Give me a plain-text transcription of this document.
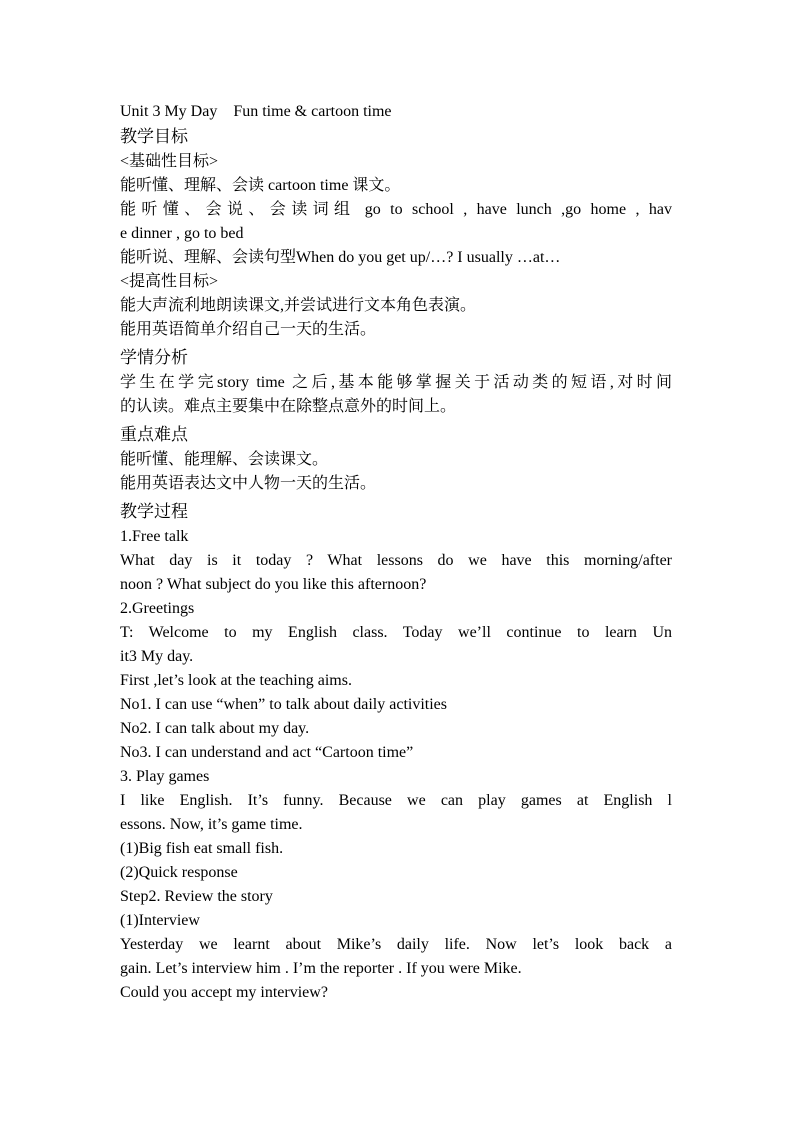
Unit 3 My Day    Fun time & cartoon time
教学目标
<基础性目标>
能听懂、理解、会读 cartoon time 课文。
能听懂、会说、会读词组 go to school , have lunch ,go home , hav
e dinner , go to bed
能听说、理解、会读句型When do you get up/…? I usually …at…
<提高性目标>
能大声流利地朗读课文,并尝试进行文本角色表演。
能用英语简单介绍自己一天的生活。
学情分析
学生在学完story time 之后,基本能够掌握关于活动类的短语,对时间
的认读。难点主要集中在除整点意外的时间上。
重点难点
能听懂、能理解、会读课文。
能用英语表达文中人物一天的生活。
教学过程
1.Free talk
What day is it today ? What lessons do we have this morning/after
noon ? What subject do you like this afternoon?
2.Greetings
T: Welcome to my English class. Today we’ll continue to learn Un
it3 My day.
First ,let’s look at the teaching aims.
No1. I can use “when” to talk about daily activities
No2. I can talk about my day.
No3. I can understand and act “Cartoon time”
3. Play games
I like English. It’s funny. Because we can play games at English l
essons. Now, it’s game time.
(1)Big fish eat small fish.
(2)Quick response
Step2. Review the story
(1)Interview
Yesterday we learnt about Mike’s daily life. Now let’s look back a
gain. Let’s interview him . I’m the reporter . If you were Mike.
Could you accept my interview?
